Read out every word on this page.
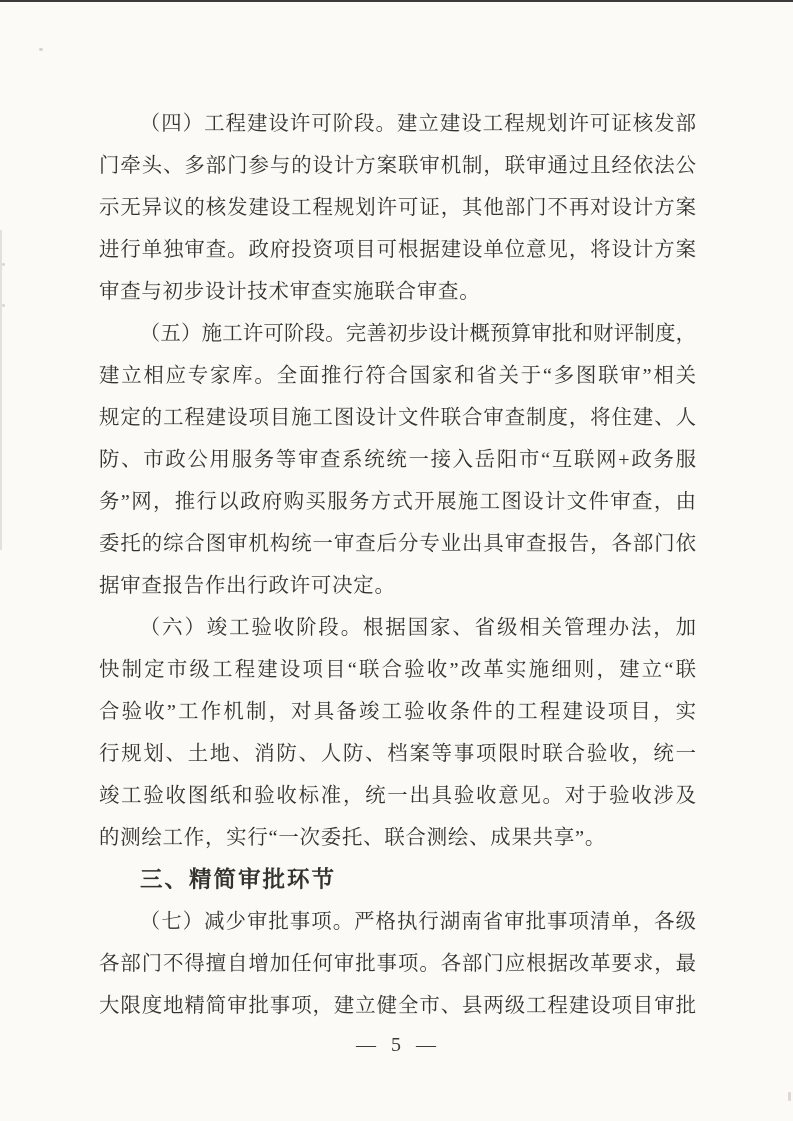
（四）工程建设许可阶段。建立建设工程规划许可证核发部
门牵头、多部门参与的设计方案联审机制，联审通过且经依法公
示无异议的核发建设工程规划许可证，其他部门不再对设计方案
进行单独审查。政府投资项目可根据建设单位意见，将设计方案
审查与初步设计技术审查实施联合审查。
（五）施工许可阶段。完善初步设计概预算审批和财评制度，
建立相应专家库。全面推行符合国家和省关于“多图联审”相关
规定的工程建设项目施工图设计文件联合审查制度，将住建、人
防、市政公用服务等审查系统统一接入岳阳市“互联网+政务服
务”网，推行以政府购买服务方式开展施工图设计文件审查，由
委托的综合图审机构统一审查后分专业出具审查报告，各部门依
据审查报告作出行政许可决定。
（六）竣工验收阶段。根据国家、省级相关管理办法，加
快制定市级工程建设项目“联合验收”改革实施细则，建立“联
合验收”工作机制，对具备竣工验收条件的工程建设项目，实
行规划、土地、消防、人防、档案等事项限时联合验收，统一
竣工验收图纸和验收标准，统一出具验收意见。对于验收涉及
的测绘工作，实行“一次委托、联合测绘、成果共享”。
三、精简审批环节
（七）减少审批事项。严格执行湖南省审批事项清单，各级
各部门不得擅自增加任何审批事项。各部门应根据改革要求，最
大限度地精简审批事项，建立健全市、县两级工程建设项目审批
— 5 —
